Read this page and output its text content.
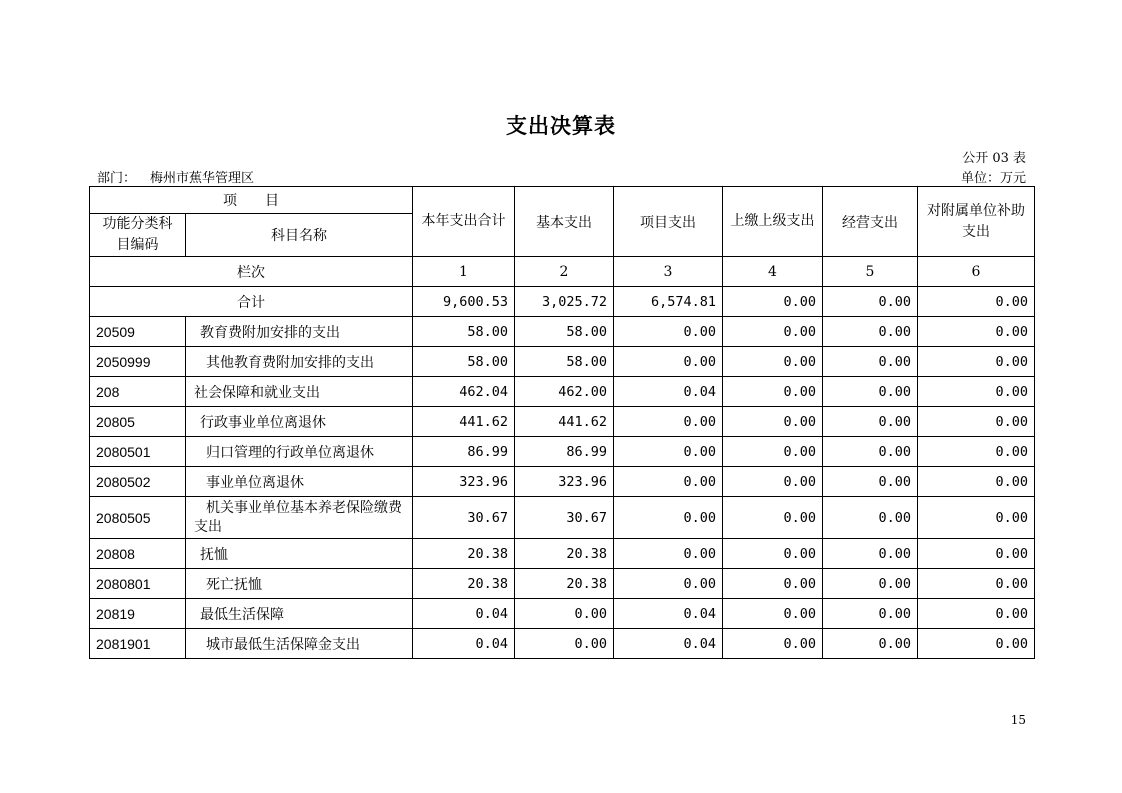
支出决算表
公开 03 表
部门： 梅州市蕉华管理区	单位：万元
项　　目		本年支出合计	基本支出	项目支出	上缴上级支出	经营支出	对附属单位补助支出
功能分类科目编码	科目名称						
栏次		1	2	3	4	5	6
合计		9,600.53	3,025.72	6,574.81	0.00	0.00	0.00
20509	教育费附加安排的支出	58.00	58.00	0.00	0.00	0.00	0.00
2050999	其他教育费附加安排的支出	58.00	58.00	0.00	0.00	0.00	0.00
208	社会保障和就业支出	462.04	462.00	0.04	0.00	0.00	0.00
20805	行政事业单位离退休	441.62	441.62	0.00	0.00	0.00	0.00
2080501	归口管理的行政单位离退休	86.99	86.99	0.00	0.00	0.00	0.00
2080502	事业单位离退休	323.96	323.96	0.00	0.00	0.00	0.00
2080505	机关事业单位基本养老保险缴费支出	30.67	30.67	0.00	0.00	0.00	0.00
20808	抚恤	20.38	20.38	0.00	0.00	0.00	0.00
2080801	死亡抚恤	20.38	20.38	0.00	0.00	0.00	0.00
20819	最低生活保障	0.04	0.00	0.04	0.00	0.00	0.00
2081901	城市最低生活保障金支出	0.04	0.00	0.04	0.00	0.00	0.00
15
